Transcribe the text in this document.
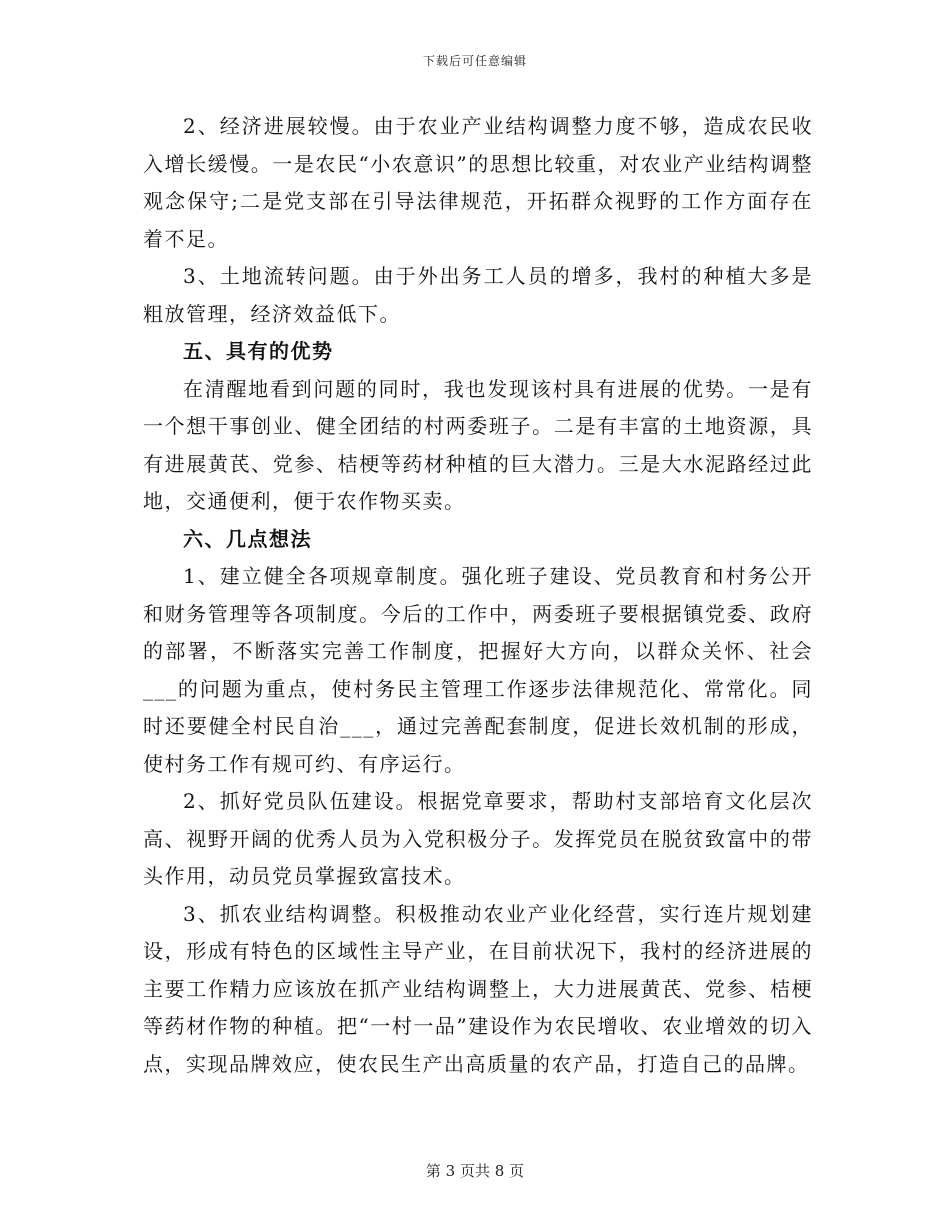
下载后可任意编辑

2、经济进展较慢。由于农业产业结构调整力度不够，造成农民收入增长缓慢。一是农民“小农意识”的思想比较重，对农业产业结构调整观念保守;二是党支部在引导法律规范，开拓群众视野的工作方面存在着不足。

3、土地流转问题。由于外出务工人员的增多，我村的种植大多是粗放管理，经济效益低下。

五、具有的优势

在清醒地看到问题的同时，我也发现该村具有进展的优势。一是有一个想干事创业、健全团结的村两委班子。二是有丰富的土地资源，具有进展黄芪、党参、桔梗等药材种植的巨大潜力。三是大水泥路经过此地，交通便利，便于农作物买卖。

六、几点想法

1、建立健全各项规章制度。强化班子建设、党员教育和村务公开和财务管理等各项制度。今后的工作中，两委班子要根据镇党委、政府的部署，不断落实完善工作制度，把握好大方向，以群众关怀、社会___的问题为重点，使村务民主管理工作逐步法律规范化、常常化。同时还要健全村民自治___，通过完善配套制度，促进长效机制的形成，使村务工作有规可约、有序运行。

2、抓好党员队伍建设。根据党章要求，帮助村支部培育文化层次高、视野开阔的优秀人员为入党积极分子。发挥党员在脱贫致富中的带头作用，动员党员掌握致富技术。

3、抓农业结构调整。积极推动农业产业化经营，实行连片规划建设，形成有特色的区域性主导产业，在目前状况下，我村的经济进展的主要工作精力应该放在抓产业结构调整上，大力进展黄芪、党参、桔梗等药材作物的种植。把“一村一品”建设作为农民增收、农业增效的切入点，实现品牌效应，使农民生产出高质量的农产品，打造自己的品牌。

第 3 页共 8 页
